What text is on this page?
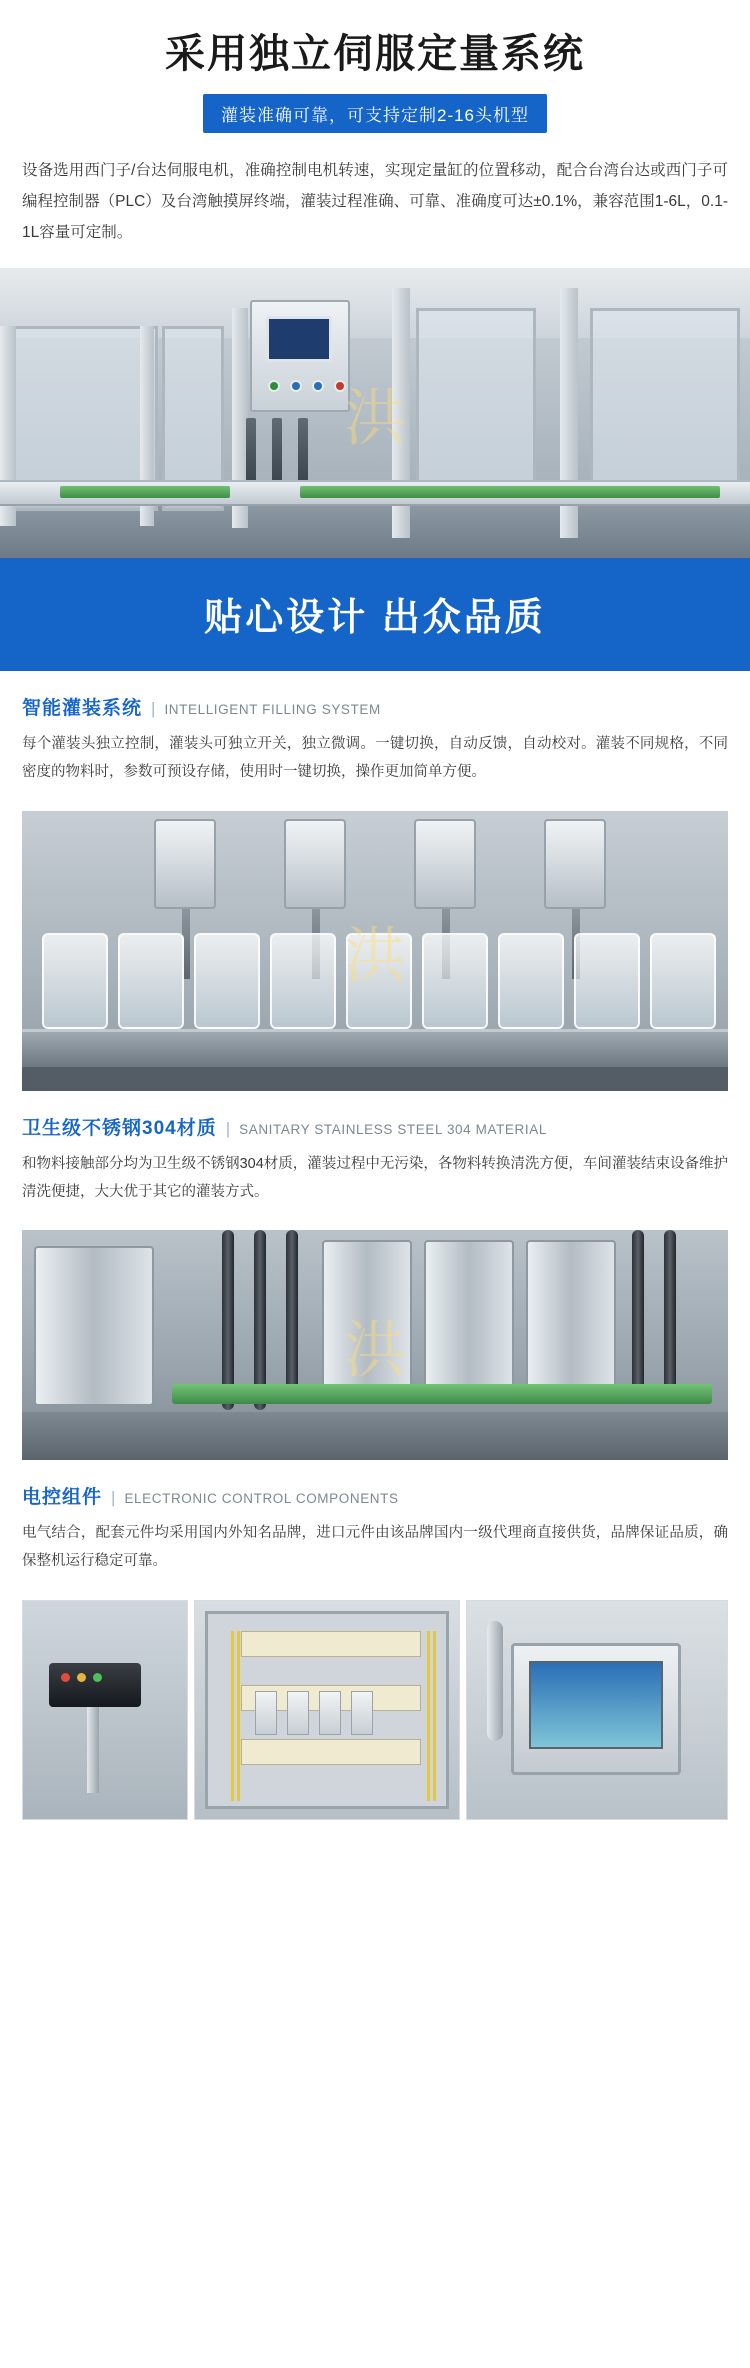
采用独立伺服定量系统
灌装准确可靠，可支持定制2-16头机型

设备选用西门子/台达伺服电机，准确控制电机转速，实现定量缸的位置移动，配合台湾台达或西门子可编程控制器（PLC）及台湾触摸屏终端，灌装过程准确、可靠、准确度可达±0.1%，兼容范围1-6L，0.1-1L容量可定制。

洪
贴心设计 出众品质
智能灌装系统 | INTELLIGENT FILLING SYSTEM

每个灌装头独立控制，灌装头可独立开关，独立微调。一键切换，自动反馈，自动校对。灌装不同规格，不同密度的物料时，参数可预设存储，使用时一键切换，操作更加简单方便。

洪
卫生级不锈钢304材质 | SANITARY STAINLESS STEEL 304 MATERIAL

和物料接触部分均为卫生级不锈钢304材质，灌装过程中无污染，各物料转换清洗方便，车间灌装结束设备维护清洗便捷，大大优于其它的灌装方式。

洪
电控组件 | ELECTRONIC CONTROL COMPONENTS

电气结合，配套元件均采用国内外知名品牌，进口元件由该品牌国内一级代理商直接供货，品牌保证品质，确保整机运行稳定可靠。
